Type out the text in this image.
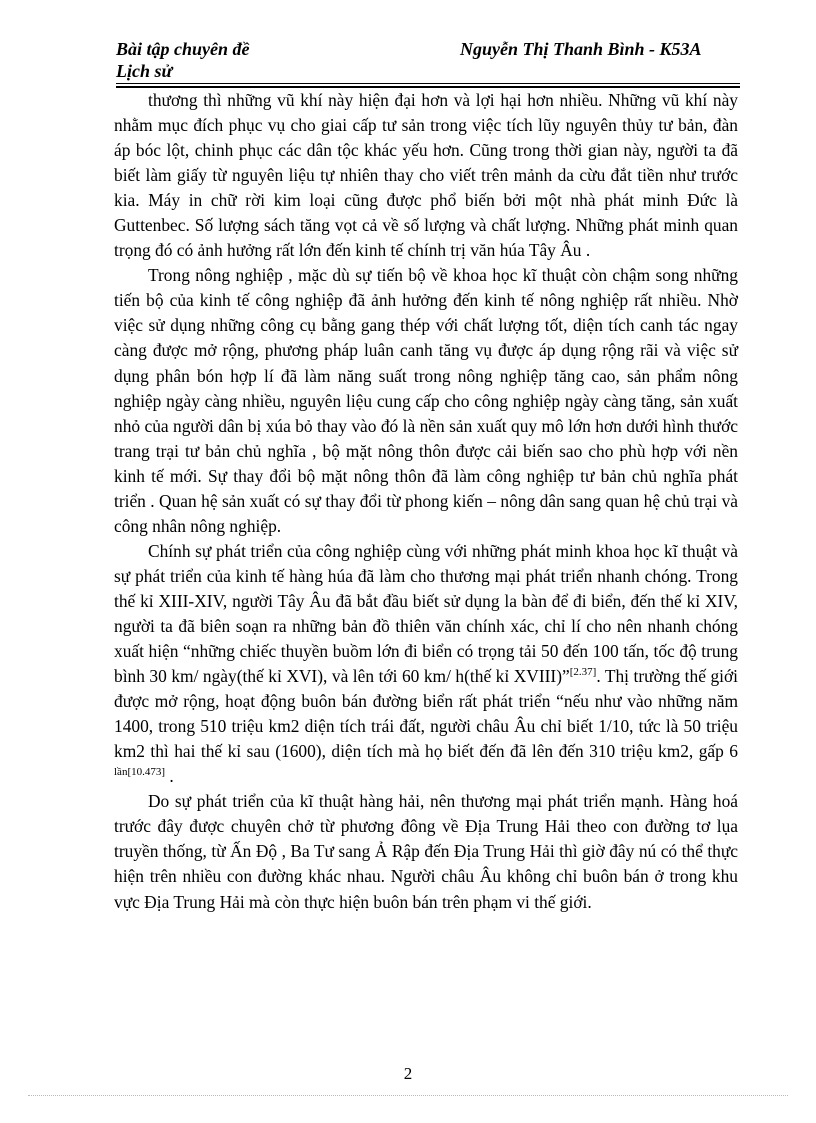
Bài tập chuyên đề
Lịch sử
Nguyễn Thị Thanh Bình - K53A

thương thì những vũ khí này hiện đại hơn và lợi hại hơn nhiều. Những vũ khí này nhằm mục đích phục vụ cho giai cấp tư sản trong việc tích lũy nguyên thủy tư bản, đàn áp bóc lột, chinh phục các dân tộc khác yếu hơn. Cũng trong thời gian này, người ta đã biết làm giấy từ nguyên liệu tự nhiên thay cho viết trên mảnh da cừu đắt tiền như trước kia. Máy in chữ rời kim loại cũng được phổ biến bởi một nhà phát minh Đức là Guttenbec. Số lượng sách tăng vọt cả về số lượng và chất lượng. Những phát minh quan trọng đó có ảnh hưởng rất lớn đến kinh tế chính trị văn húa Tây Âu .

Trong nông nghiệp , mặc dù sự tiến bộ về khoa học kĩ thuật còn chậm song những tiến bộ của kinh tế công nghiệp đã ảnh hưởng đến kinh tế nông nghiệp rất nhiều. Nhờ việc sử dụng những công cụ bằng gang thép với chất lượng tốt, diện tích canh tác ngay càng được mở rộng, phương pháp luân canh tăng vụ được áp dụng rộng rãi và việc sử dụng phân bón hợp lí đã làm năng suất trong nông nghiệp tăng cao, sản phẩm nông nghiệp ngày càng nhiều, nguyên liệu cung cấp cho công nghiệp ngày càng tăng, sản xuất nhỏ của người dân bị xúa bỏ thay vào đó là nền sản xuất quy mô lớn hơn dưới hình thước trang trại tư bản chủ nghĩa , bộ mặt nông thôn được cải biến sao cho phù hợp với nền kinh tế mới. Sự thay đổi bộ mặt nông thôn đã làm công nghiệp tư bản chủ nghĩa phát triển . Quan hệ sản xuất có sự thay đổi từ phong kiến – nông dân sang quan hệ chủ trại và công nhân nông nghiệp.

Chính sự phát triển của công nghiệp cùng với những phát minh khoa học kĩ thuật và sự phát triển của kinh tế hàng húa đã làm cho thương mại phát triển nhanh chóng. Trong thế kỉ XIII-XIV, người Tây Âu đã bắt đầu biết sử dụng la bàn để đi biển, đến thế kỉ XIV, người ta đã biên soạn ra những bản đồ thiên văn chính xác, chỉ lí cho nên nhanh chóng xuất hiện “những chiếc thuyền buồm lớn đi biển có trọng tải 50 đến 100 tấn, tốc độ trung bình 30 km/ ngày(thế kỉ XVI), và lên tới 60 km/ h(thế kỉ XVIII)”[2.37]. Thị trường thế giới được mở rộng, hoạt động buôn bán đường biển rất phát triển “nếu như vào những năm 1400, trong 510 triệu km2 diện tích trái đất, người châu Âu chỉ biết 1/10, tức là 50 triệu km2 thì hai thế kỉ sau (1600), diện tích mà họ biết đến đã lên đến 310 triệu km2, gấp 6 $^{lần[10.473]}$ .

Do sự phát triển của kĩ thuật hàng hải, nên thương mại phát triển mạnh. Hàng hoá trước đây được chuyên chở từ phương đông về Địa Trung Hải theo con đường tơ lụa truyền thống, từ Ấn Độ , Ba Tư sang Ả Rập đến Địa Trung Hải thì giờ đây nú có thể thực hiện trên nhiều con đường khác nhau. Người châu Âu không chỉ buôn bán ở trong khu vực Địa Trung Hải mà còn thực hiện buôn bán trên phạm vi thế giới.

2
